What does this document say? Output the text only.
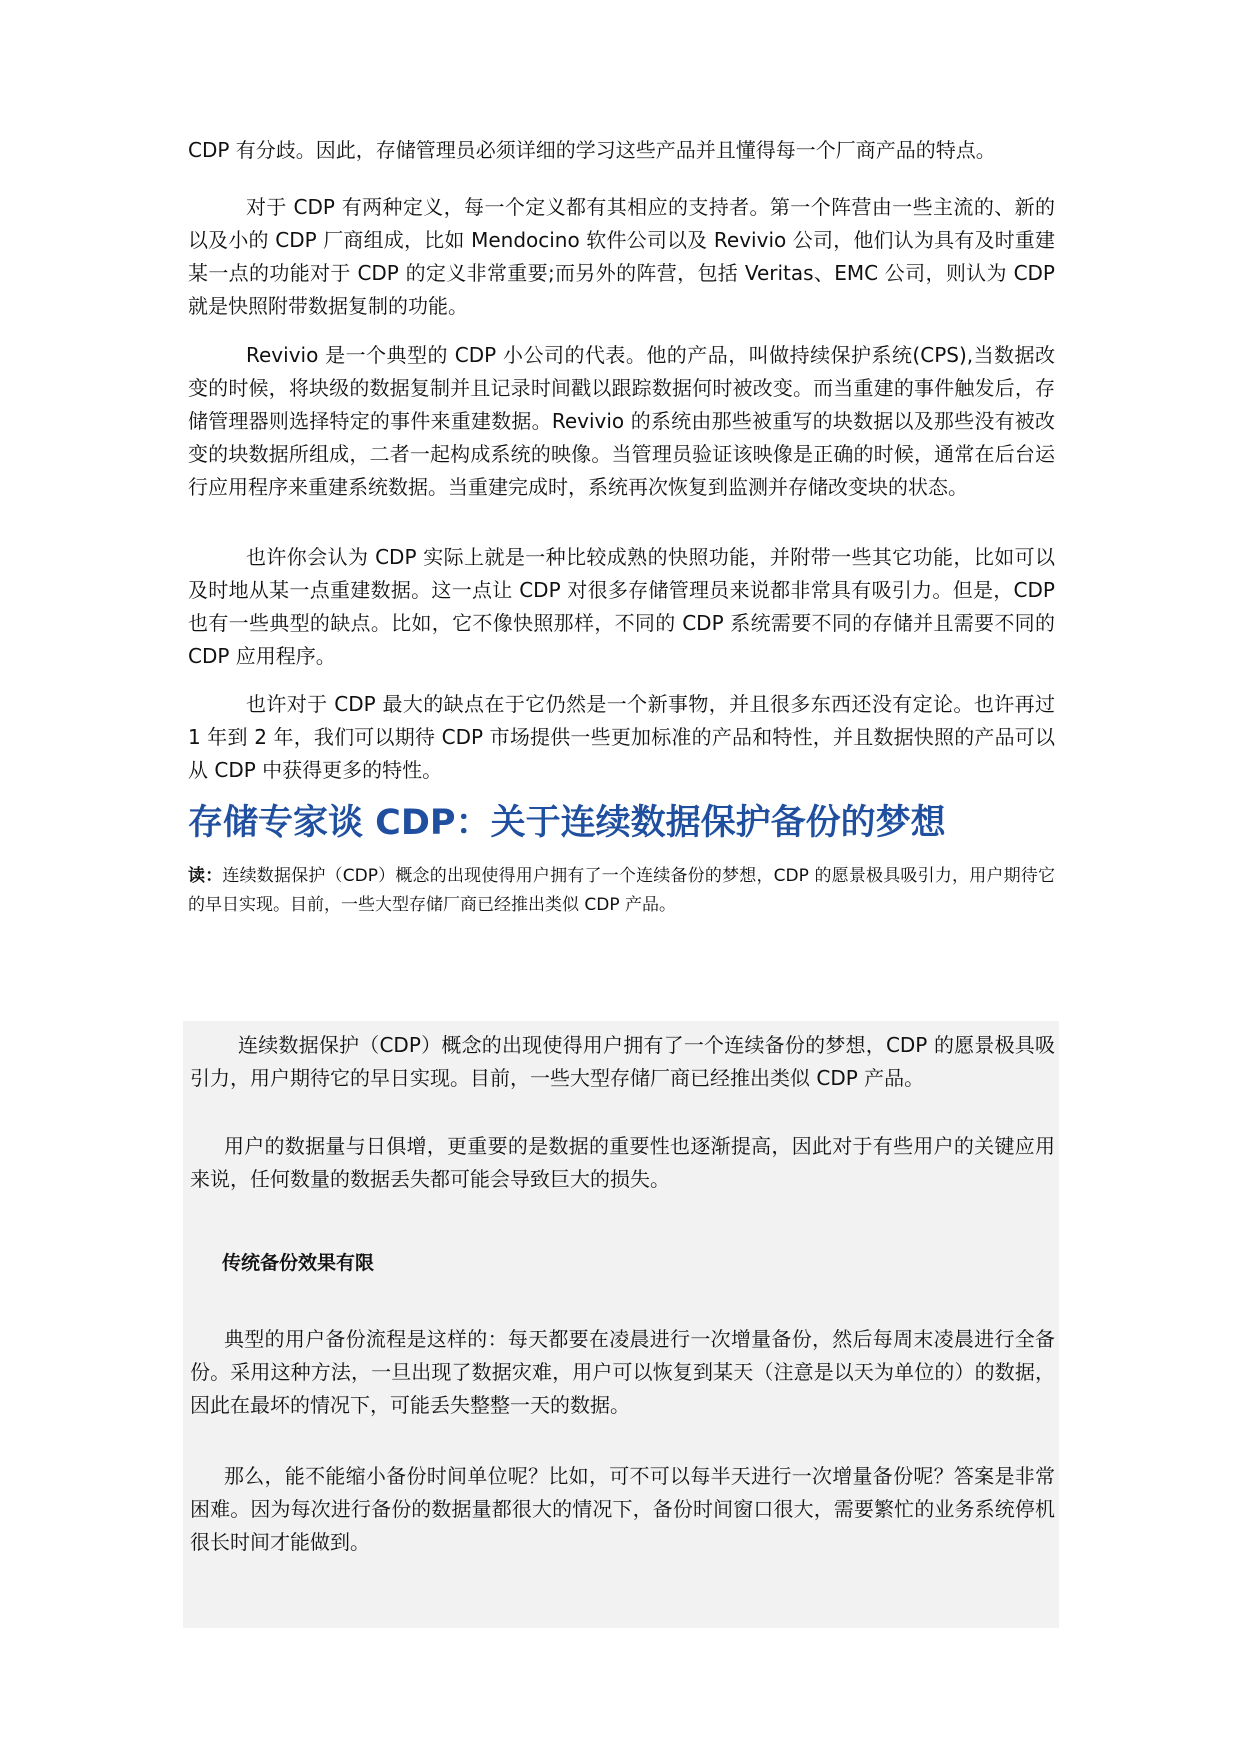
CDP 有分歧。因此，存储管理员必须详细的学习这些产品并且懂得每一个厂商产品的特点。

对于 CDP 有两种定义，每一个定义都有其相应的支持者。第一个阵营由一些主流的、新的以及小的 CDP 厂商组成，比如 Mendocino 软件公司以及 Revivio 公司，他们认为具有及时重建某一点的功能对于 CDP 的定义非常重要;而另外的阵营，包括 Veritas、EMC 公司，则认为 CDP 就是快照附带数据复制的功能。

Revivio 是一个典型的 CDP 小公司的代表。他的产品，叫做持续保护系统(CPS),当数据改变的时候，将块级的数据复制并且记录时间戳以跟踪数据何时被改变。而当重建的事件触发后，存储管理器则选择特定的事件来重建数据。Revivio 的系统由那些被重写的块数据以及那些没有被改变的块数据所组成，二者一起构成系统的映像。当管理员验证该映像是正确的时候，通常在后台运行应用程序来重建系统数据。当重建完成时，系统再次恢复到监测并存储改变块的状态。

也许你会认为 CDP 实际上就是一种比较成熟的快照功能，并附带一些其它功能，比如可以及时地从某一点重建数据。这一点让 CDP 对很多存储管理员来说都非常具有吸引力。但是，CDP 也有一些典型的缺点。比如，它不像快照那样，不同的 CDP 系统需要不同的存储并且需要不同的 CDP 应用程序。

也许对于 CDP 最大的缺点在于它仍然是一个新事物，并且很多东西还没有定论。也许再过 1 年到 2 年，我们可以期待 CDP 市场提供一些更加标准的产品和特性，并且数据快照的产品可以从 CDP 中获得更多的特性。

存储专家谈 CDP：关于连续数据保护备份的梦想

读：连续数据保护（CDP）概念的出现使得用户拥有了一个连续备份的梦想，CDP 的愿景极具吸引力，用户期待它的早日实现。目前，一些大型存储厂商已经推出类似 CDP 产品。

连续数据保护（CDP）概念的出现使得用户拥有了一个连续备份的梦想，CDP 的愿景极具吸引力，用户期待它的早日实现。目前，一些大型存储厂商已经推出类似 CDP 产品。

用户的数据量与日俱增，更重要的是数据的重要性也逐渐提高，因此对于有些用户的关键应用来说，任何数量的数据丢失都可能会导致巨大的损失。

传统备份效果有限

典型的用户备份流程是这样的：每天都要在凌晨进行一次增量备份，然后每周末凌晨进行全备份。采用这种方法，一旦出现了数据灾难，用户可以恢复到某天（注意是以天为单位的）的数据，因此在最坏的情况下，可能丢失整整一天的数据。

那么，能不能缩小备份时间单位呢？比如，可不可以每半天进行一次增量备份呢？答案是非常困难。因为每次进行备份的数据量都很大的情况下，备份时间窗口很大，需要繁忙的业务系统停机很长时间才能做到。
